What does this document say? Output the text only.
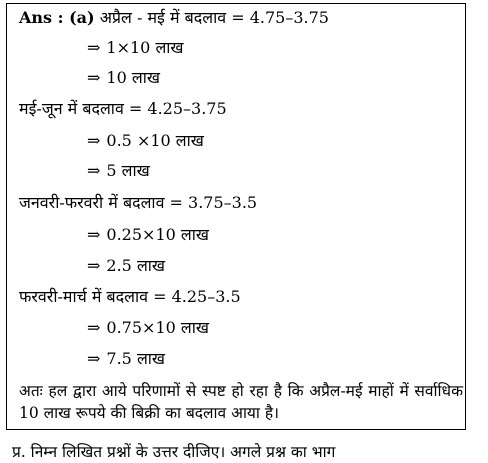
Ans : (a) अप्रैल - मई में बदलाव = 4.75–3.75
⇒ 1×10 लाख
⇒ 10 लाख
मई-जून में बदलाव = 4.25–3.75
⇒ 0.5 ×10 लाख
⇒ 5 लाख
जनवरी-फरवरी में बदलाव = 3.75–3.5
⇒ 0.25×10 लाख
⇒ 2.5 लाख
फरवरी-मार्च में बदलाव = 4.25–3.5
⇒ 0.75×10 लाख
⇒ 7.5 लाख
अतः हल द्वारा आये परिणामों से स्पष्ट हो रहा है कि अप्रैल-मई माहों में सर्वाधिक 10 लाख रूपये की बिक्री का बदलाव आया है।
प्र. निम्न लिखित प्रश्नों के उत्तर दीजिए। अगले प्रश्न का भाग
